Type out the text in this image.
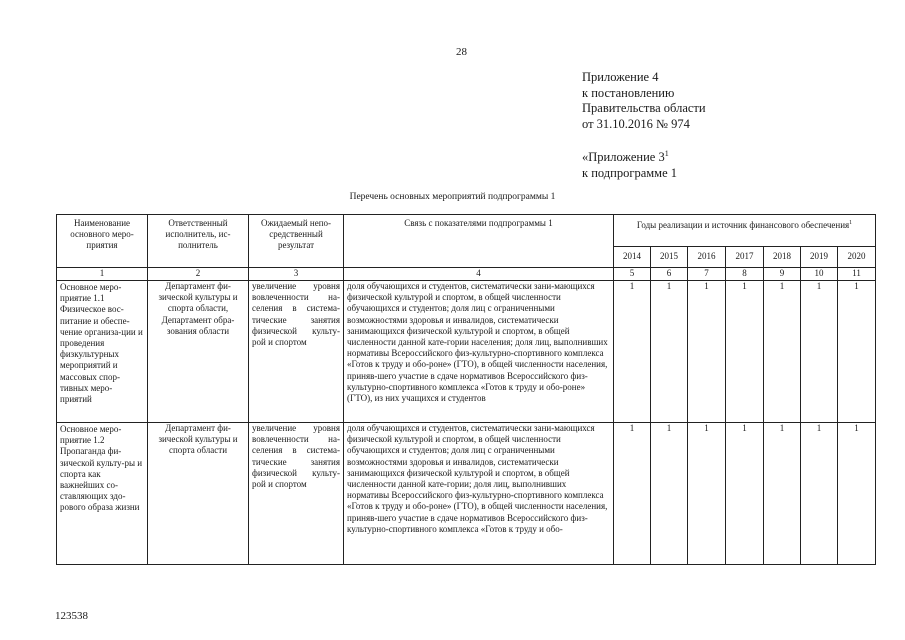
28
Приложение 4
к постановлению
Правительства области
от 31.10.2016 № 974
«Приложение $3^1$
к подпрограмме 1
Перечень основных мероприятий подпрограммы 1
Наименование основного меро-приятия	Ответственный исполнитель, ис-полнитель	Ожидаемый непо-средственный результат	Связь с показателями подпрограммы 1	Годы реализации и источник финансового обеспечения$^1$
				2014	2015	2016	2017	2018	2019	2020
1	2	3	4	5	6	7	8	9	10	11
Основное меро-приятие 1.1 Физическое вос-питание и обеспе-чение организа-ции и проведения физкультурных мероприятий и массовых спор-тивных меро-приятий	Департамент фи-зической культуры и спорта области, Департамент обра-зования области	увеличение уровня вовлеченности на-селения в система-тические занятия физической культу-рой и спортом	доля обучающихся и студентов, систематически зани-мающихся физической культурой и спортом, в общей численности обучающихся и студентов; доля лиц с ограниченными возможностями здоровья и инвалидов, систематически занимающихся физической культурой и спортом, в общей численности данной кате-гории населения; доля лиц, выполнивших нормативы Всероссийского физ-культурно-спортивного комплекса «Готов к труду и обо-роне» (ГТО), в общей численности населения, приняв-шего участие в сдаче нормативов Всероссийского физ-культурно-спортивного комплекса «Готов к труду и обо-роне» (ГТО), из них учащихся и студентов	1	1	1	1	1	1	1
Основное меро-приятие 1.2 Пропаганда фи-зической культу-ры и спорта как важнейших со-ставляющих здо-рового образа жизни	Департамент фи-зической культуры и спорта области	увеличение уровня вовлеченности на-селения в система-тические занятия физической культу-рой и спортом	доля обучающихся и студентов, систематически зани-мающихся физической культурой и спортом, в общей численности обучающихся и студентов; доля лиц с ограниченными возможностями здоровья и инвалидов, систематически занимающихся физической культурой и спортом, в общей численности данной кате-гории; доля лиц, выполнивших нормативы Всероссийского физ-культурно-спортивного комплекса «Готов к труду и обо-роне» (ГТО), в общей численности населения, приняв-шего участие в сдаче нормативов Всероссийского физ-культурно-спортивного комплекса «Готов к труду и обо-	1	1	1	1	1	1	1
123538
